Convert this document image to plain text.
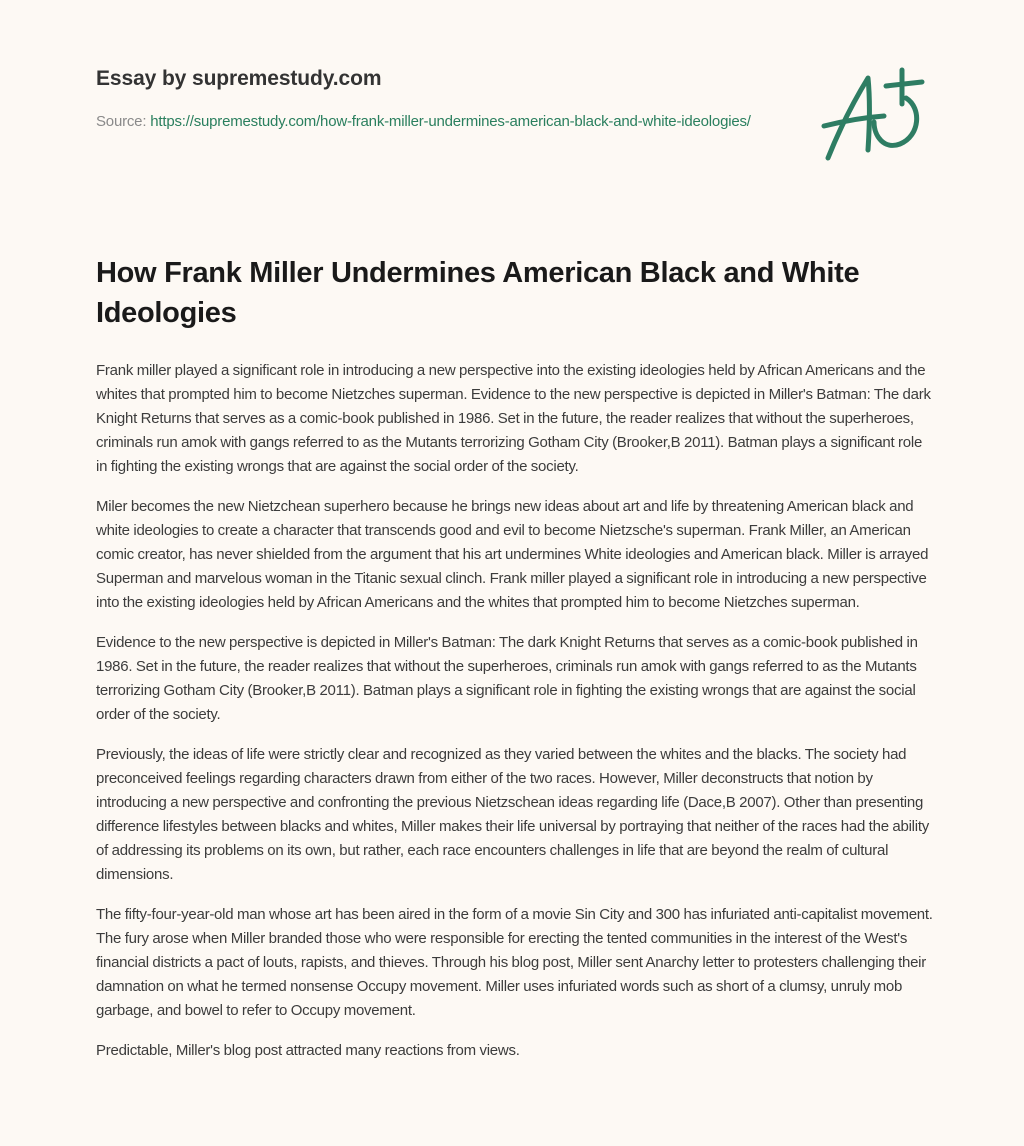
Essay by supremestudy.com
Source: https://supremestudy.com/how-frank-miller-undermines-american-black-and-white-ideologies/
How Frank Miller Undermines American Black and White Ideologies

Frank miller played a significant role in introducing a new perspective into the existing ideologies held by African Americans and the whites that prompted him to become Nietzches superman. Evidence to the new perspective is depicted in Miller's Batman: The dark Knight Returns that serves as a comic-book published in 1986. Set in the future, the reader realizes that without the superheroes, criminals run amok with gangs referred to as the Mutants terrorizing Gotham City (Brooker,B 2011). Batman plays a significant role in fighting the existing wrongs that are against the social order of the society.

Miler becomes the new Nietzchean superhero because he brings new ideas about art and life by threatening American black and white ideologies to create a character that transcends good and evil to become Nietzsche's superman. Frank Miller, an American comic creator, has never shielded from the argument that his art undermines White ideologies and American black. Miller is arrayed Superman and marvelous woman in the Titanic sexual clinch. Frank miller played a significant role in introducing a new perspective into the existing ideologies held by African Americans and the whites that prompted him to become Nietzches superman.

Evidence to the new perspective is depicted in Miller's Batman: The dark Knight Returns that serves as a comic-book published in 1986. Set in the future, the reader realizes that without the superheroes, criminals run amok with gangs referred to as the Mutants terrorizing Gotham City (Brooker,B 2011). Batman plays a significant role in fighting the existing wrongs that are against the social order of the society.

Previously, the ideas of life were strictly clear and recognized as they varied between the whites and the blacks. The society had preconceived feelings regarding characters drawn from either of the two races. However, Miller deconstructs that notion by introducing a new perspective and confronting the previous Nietzschean ideas regarding life (Dace,B 2007). Other than presenting difference lifestyles between blacks and whites, Miller makes their life universal by portraying that neither of the races had the ability of addressing its problems on its own, but rather, each race encounters challenges in life that are beyond the realm of cultural dimensions.

The fifty-four-year-old man whose art has been aired in the form of a movie Sin City and 300 has infuriated anti-capitalist movement. The fury arose when Miller branded those who were responsible for erecting the tented communities in the interest of the West's financial districts a pact of louts, rapists, and thieves. Through his blog post, Miller sent Anarchy letter to protesters challenging their damnation on what he termed nonsense Occupy movement. Miller uses infuriated words such as short of a clumsy, unruly mob garbage, and bowel to refer to Occupy movement.

Predictable, Miller's blog post attracted many reactions from views.
